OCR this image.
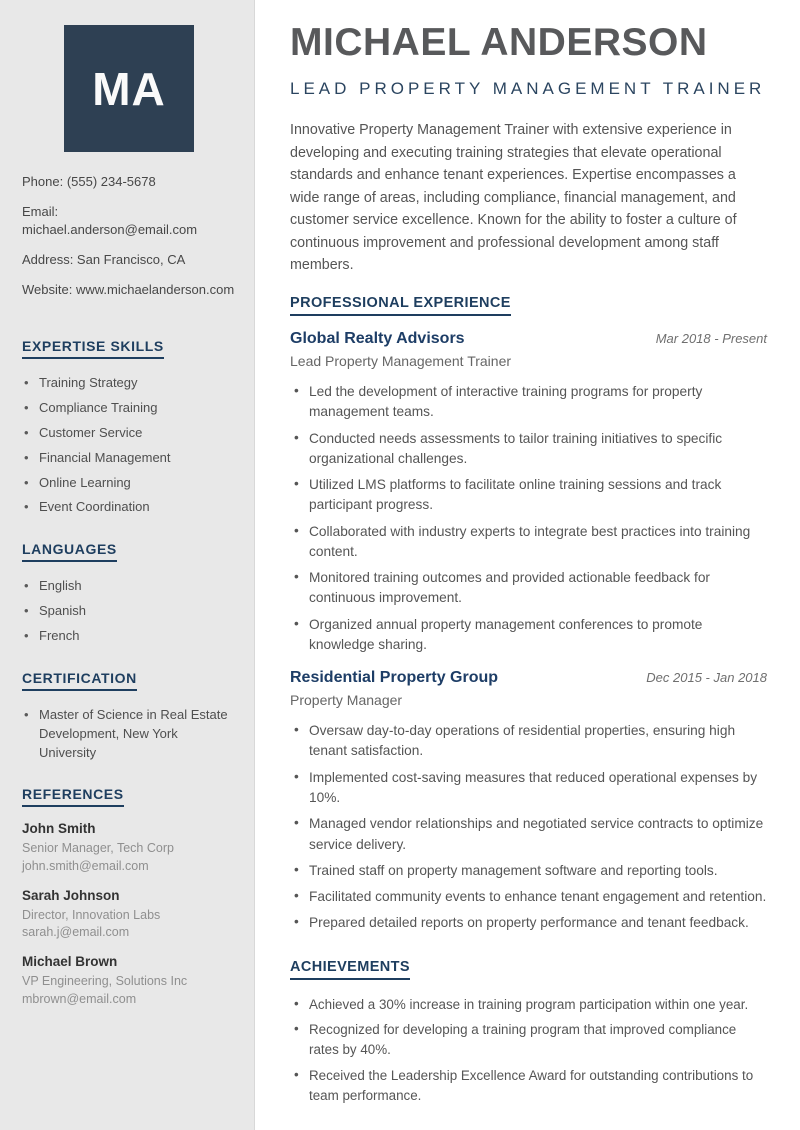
MA
Phone: (555) 234-5678
Email: michael.anderson@email.com
Address: San Francisco, CA
Website: www.michaelanderson.com
EXPERTISE SKILLS
• Training Strategy
• Compliance Training
• Customer Service
• Financial Management
• Online Learning
• Event Coordination
LANGUAGES
• English
• Spanish
• French
CERTIFICATION
• Master of Science in Real Estate Development, New York University
REFERENCES
John Smith
Senior Manager, Tech Corp
john.smith@email.com
Sarah Johnson
Director, Innovation Labs
sarah.j@email.com
Michael Brown
VP Engineering, Solutions Inc
mbrown@email.com
MICHAEL ANDERSON
LEAD PROPERTY MANAGEMENT TRAINER

Innovative Property Management Trainer with extensive experience in developing and executing training strategies that elevate operational standards and enhance tenant experiences. Expertise encompasses a wide range of areas, including compliance, financial management, and customer service excellence. Known for the ability to foster a culture of continuous improvement and professional development among staff members.

PROFESSIONAL EXPERIENCE
Global Realty Advisors	Mar 2018 - Present
Lead Property Management Trainer
• Led the development of interactive training programs for property management teams.
• Conducted needs assessments to tailor training initiatives to specific organizational challenges.
• Utilized LMS platforms to facilitate online training sessions and track participant progress.
• Collaborated with industry experts to integrate best practices into training content.
• Monitored training outcomes and provided actionable feedback for continuous improvement.
• Organized annual property management conferences to promote knowledge sharing.
Residential Property Group	Dec 2015 - Jan 2018
Property Manager
• Oversaw day-to-day operations of residential properties, ensuring high tenant satisfaction.
• Implemented cost-saving measures that reduced operational expenses by 10%.
• Managed vendor relationships and negotiated service contracts to optimize service delivery.
• Trained staff on property management software and reporting tools.
• Facilitated community events to enhance tenant engagement and retention.
• Prepared detailed reports on property performance and tenant feedback.
ACHIEVEMENTS
• Achieved a 30% increase in training program participation within one year.
• Recognized for developing a training program that improved compliance rates by 40%.
• Received the Leadership Excellence Award for outstanding contributions to team performance.
